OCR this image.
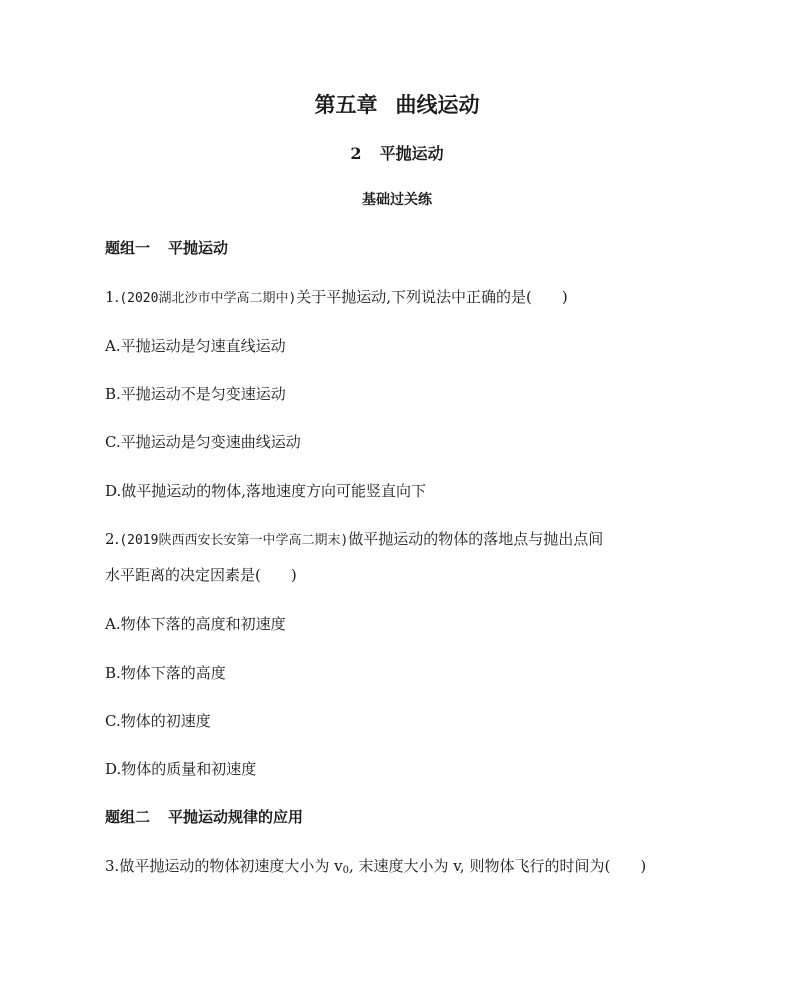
第五章 曲线运动
2 平抛运动
基础过关练
题组一 平抛运动
1.(2020湖北沙市中学高二期中)关于平抛运动,下列说法中正确的是( )
A.平抛运动是匀速直线运动
B.平抛运动不是匀变速运动
C.平抛运动是匀变速曲线运动
D.做平抛运动的物体,落地速度方向可能竖直向下
2.(2019陕西西安长安第一中学高二期末)做平抛运动的物体的落地点与抛出点间
水平距离的决定因素是( )
A.物体下落的高度和初速度
B.物体下落的高度
C.物体的初速度
D.物体的质量和初速度
题组二 平抛运动规律的应用
3.做平抛运动的物体初速度大小为 $v_0$, 末速度大小为 v, 则物体飞行的时间为( )
